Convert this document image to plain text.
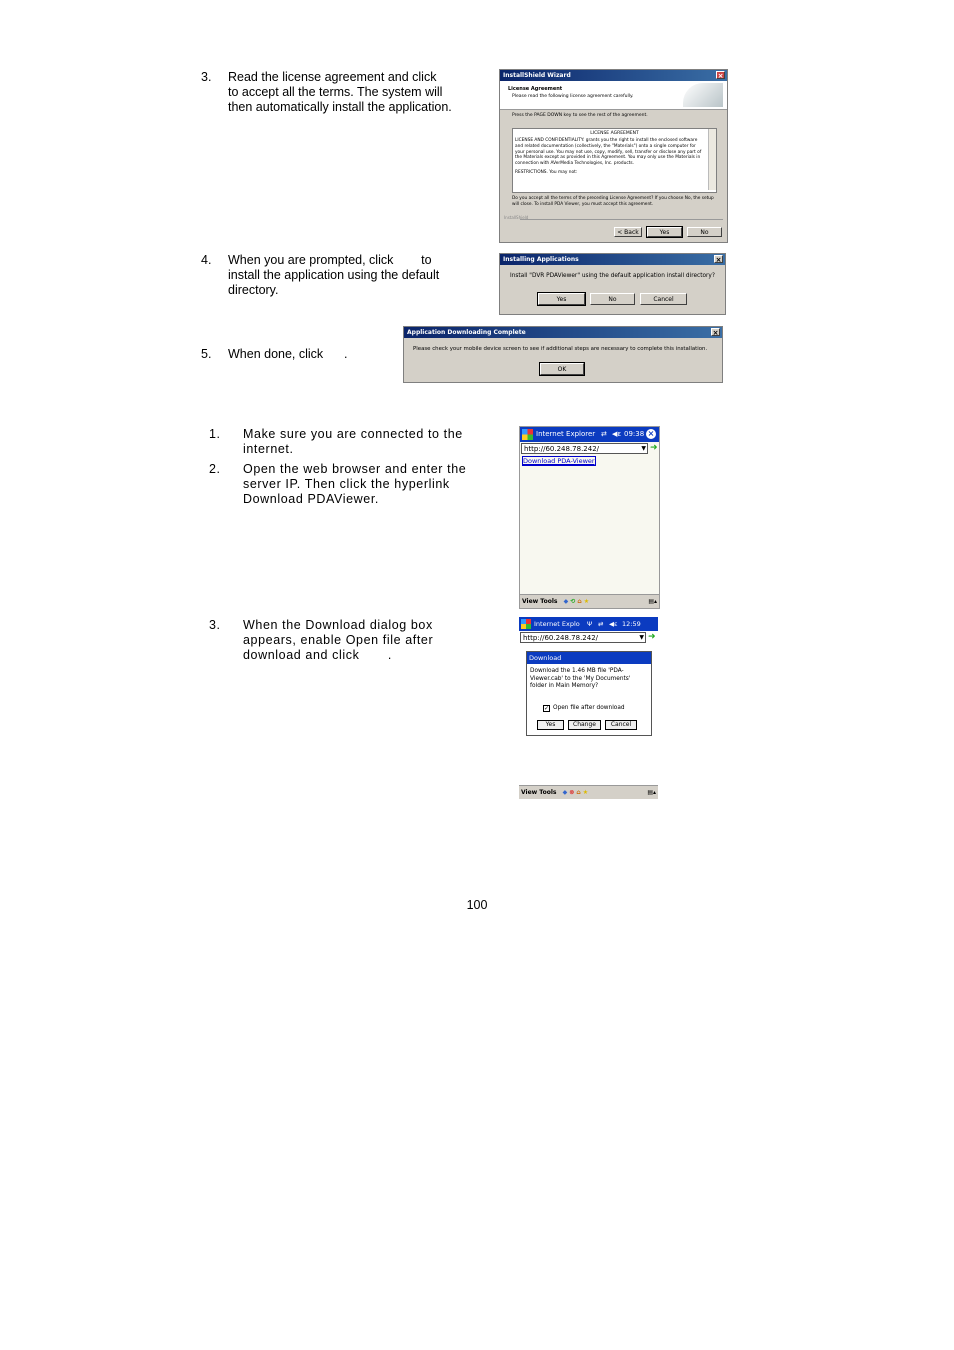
3. Read the license agreement and click
to accept all the terms. The system will
then automatically install the application.
InstallShield Wizard	×
License Agreement
Please read the following license agreement carefully.
Press the PAGE DOWN key to see the rest of the agreement.
LICENSE AGREEMENT
LICENSE AND CONFIDENTIALITY: grants you the right to install the enclosed software and related documentation (collectively, the "Materials") onto a single computer for your personal use. You may not use, copy, modify, sell, transfer or disclose any part of the Materials except as provided in this Agreement. You may only use the Materials in connection with AVerMedia Technologies, Inc. products.
RESTRICTIONS. You may not:
Do you accept all the terms of the preceding License Agreement? If you choose No, the setup will close. To install PDA Viewer, you must accept this agreement.
InstallShield
< Back	Yes	No
4. When you are prompted, click        to
install the application using the default
directory.
Installing Applications	×
Install "DVR PDAViewer" using the default application install directory?
Yes	No	Cancel
5. When done, click      .
Application Downloading Complete	×
Please check your mobile device screen to see if additional steps are necessary to complete this installation.
OK
1. Make sure you are connected to the
internet.
2. Open the web browser and enter the
server IP. Then click the hyperlink
Download PDAViewer.
Internet Explorer ⇄ ◀ε 09:38 ×
http://60.248.78.242/	▼ ➜
Download PDA-Viewer
View Tools ◆ ⟲ ⌂ ★	▤▴
3. When the Download dialog box
appears, enable Open file after
download and click       .
Internet Explo Ψ ⇄ ◀ε 12:59
http://60.248.78.242/	▼ ➜
Download
Download the 1.46 MB file 'PDA-Viewer.cab' to the 'My Documents' folder in Main Memory?
✓ Open file after download
Yes	Change	Cancel
View Tools ◆ ⊗ ⌂ ★	▤▴
100
